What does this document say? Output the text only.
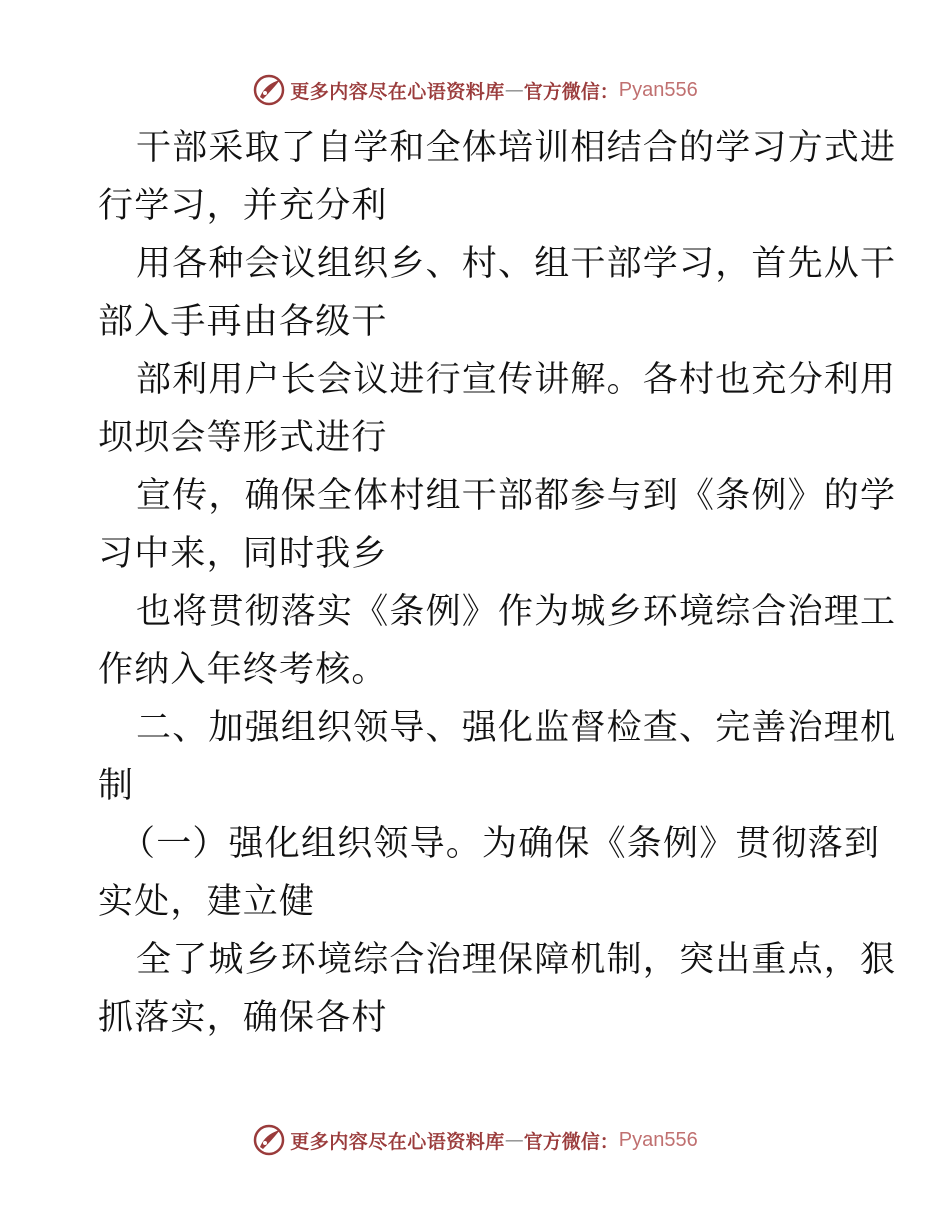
更多内容尽在心语资料库 — 官方微信： Pyan556
干部采取了自学和全体培训相结合的学习方式进
行学习，并充分利
用各种会议组织乡、村、组干部学习，首先从干
部入手再由各级干
部利用户长会议进行宣传讲解。各村也充分利用
坝坝会等形式进行
宣传，确保全体村组干部都参与到《条例》的学
习中来，同时我乡
也将贯彻落实《条例》作为城乡环境综合治理工
作纳入年终考核。
二、加强组织领导、强化监督检查、完善治理机
制
（一）强化组织领导。为确保《条例》贯彻落到
实处，建立健
全了城乡环境综合治理保障机制，突出重点，狠
抓落实，确保各村
更多内容尽在心语资料库 — 官方微信： Pyan556
